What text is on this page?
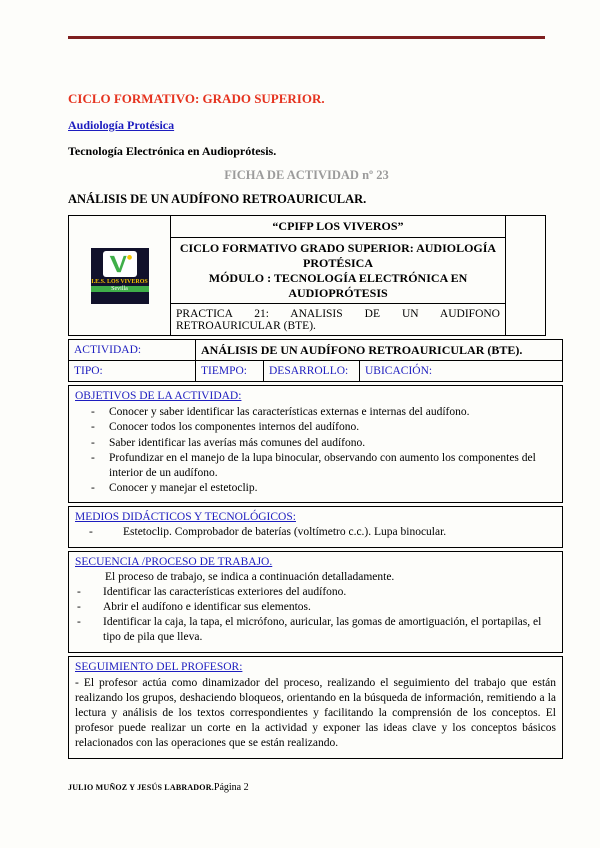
CICLO FORMATIVO: GRADO SUPERIOR.
Audiología Protésica
Tecnología Electrónica en Audioprótesis.
FICHA DE ACTIVIDAD nº 23
ANÁLISIS DE UN AUDÍFONO RETROAURICULAR.
I.E.S. LOS VIVEROS
Sevilla
	“CPIFP LOS VIVEROS”	

CICLO FORMATIVO GRADO SUPERIOR: AUDIOLOGÍA PROTÉSICA
MÓDULO : TECNOLOGÍA ELECTRÓNICA EN AUDIOPRÓTESIS

PRACTICA 21: ANALISIS DE UN AUDIFONO RETROAURICULAR (BTE).
ACTIVIDAD:	ANÁLISIS DE UN AUDÍFONO RETROAURICULAR (BTE).		
TIPO:	TIEMPO:	DESARROLLO:	UBICACIÓN:
OBJETIVOS DE LA ACTIVIDAD:
-
Conocer y saber identificar las características externas e internas del audífono.
-
Conocer todos los componentes internos del audífono.
-
Saber identificar las averías más comunes del audífono.
-
Profundizar en el manejo de la lupa binocular, observando con aumento los componentes del interior de un audífono.
-
Conocer y manejar el estetoclip.
MEDIOS DIDÁCTICOS Y TECNOLÓGICOS:
-
Estetoclip. Comprobador de baterías (voltímetro c.c.). Lupa binocular.
SECUENCIA /PROCESO DE TRABAJO.
El proceso de trabajo, se indica a continuación detalladamente.
-
Identificar las características exteriores del audífono.
-
Abrir el audífono e identificar sus elementos.
-
Identificar la caja, la tapa, el micrófono, auricular, las gomas de amortiguación, el portapilas, el tipo de pila que lleva.
SEGUIMIENTO DEL PROFESOR:
- El profesor actúa como dinamizador del proceso, realizando el seguimiento del trabajo que están realizando los grupos, deshaciendo bloqueos, orientando en la búsqueda de información, remitiendo a la lectura y análisis de los textos correspondientes y facilitando la comprensión de los conceptos. El profesor puede realizar un corte en la actividad y exponer las ideas clave y los conceptos básicos relacionados con las operaciones que se están realizando.
JULIO MUÑOZ Y JESÚS LABRADOR.Página 2
